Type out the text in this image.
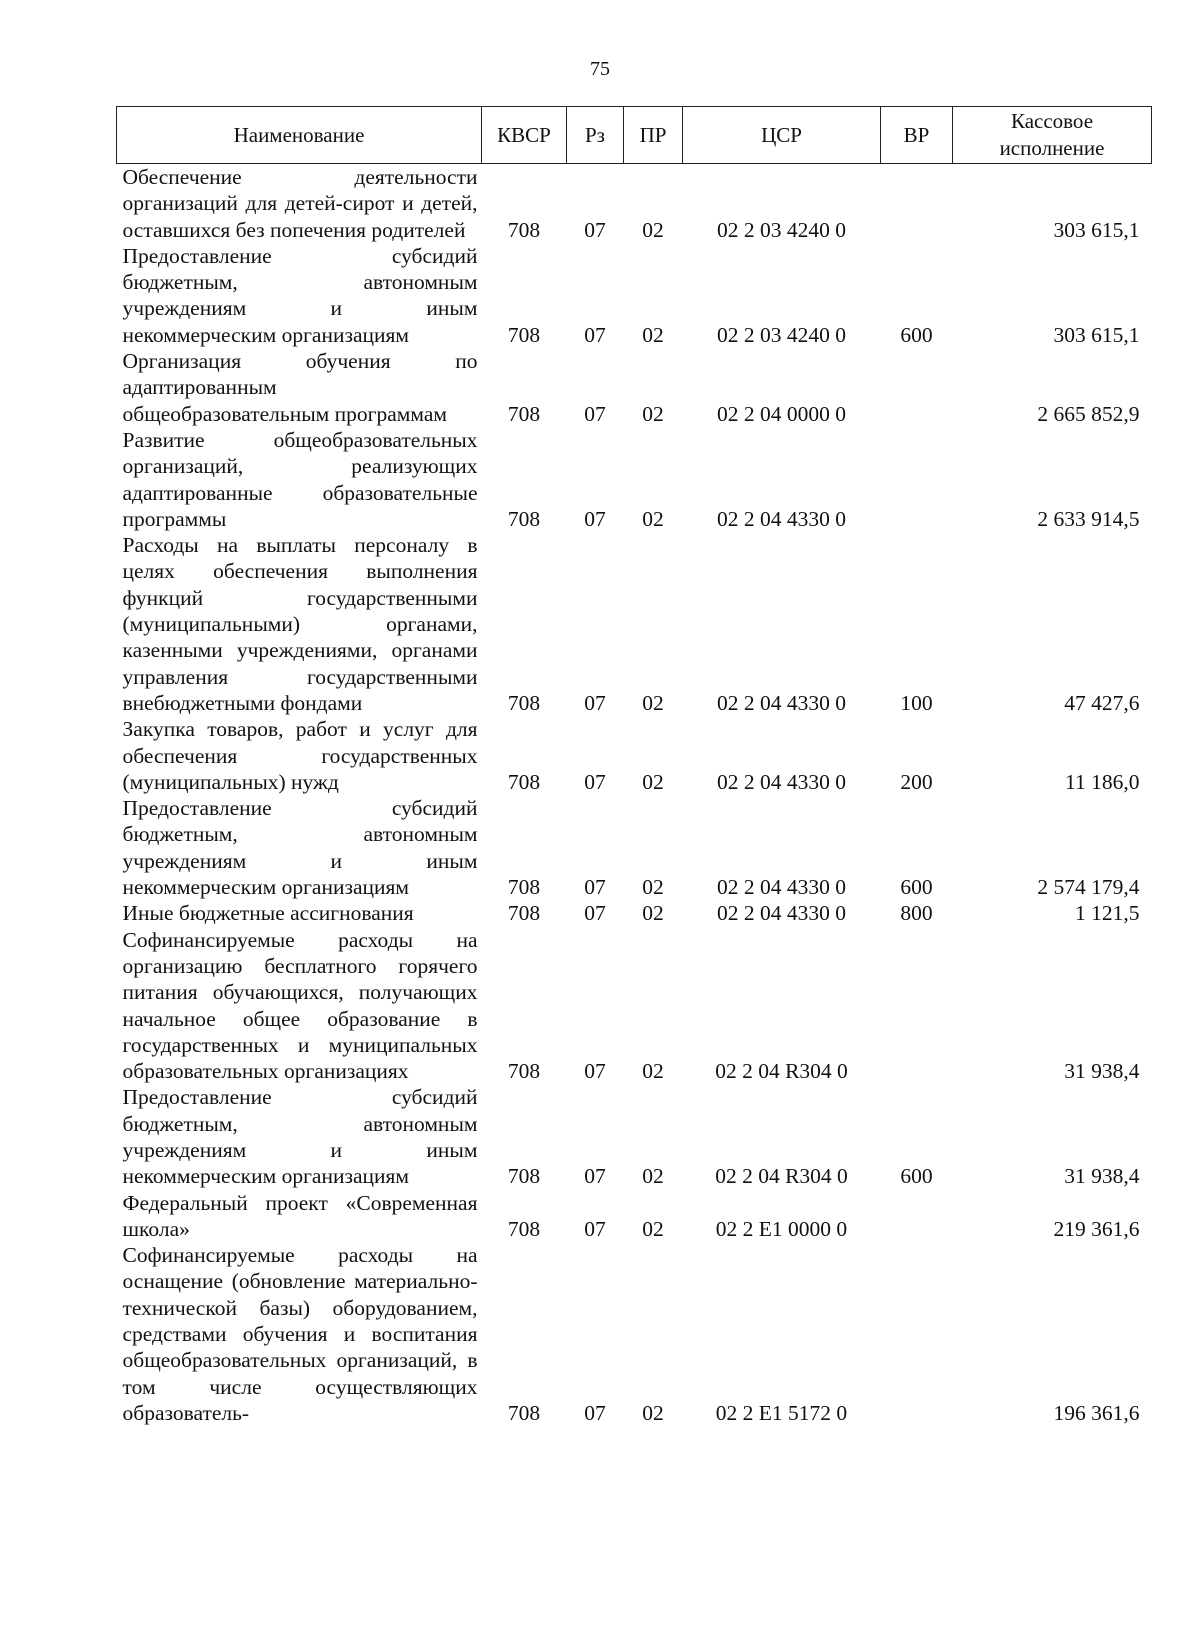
75
Наименование	КВСР	Рз	ПР	ЦСР	ВР	Кассовое исполнение
Обеспечение деятельности организаций для детей-сирот и детей, оставшихся без попечения родителей	708	07	02	02 2 03 4240 0		303 615,1
Предоставление субсидий бюджетным, автономным учреждениям и иным некоммерческим организациям	708	07	02	02 2 03 4240 0	600	303 615,1
Организация обучения по адаптированным общеобразовательным программам	708	07	02	02 2 04 0000 0		2 665 852,9
Развитие общеобразовательных организаций, реализующих адаптированные образовательные программы	708	07	02	02 2 04 4330 0		2 633 914,5
Расходы на выплаты персоналу в целях обеспечения выполнения функций государственными (муниципальными) органами, казенными учреждениями, органами управления государственными внебюджетными фондами	708	07	02	02 2 04 4330 0	100	47 427,6
Закупка товаров, работ и услуг для обеспечения государственных (муниципальных) нужд	708	07	02	02 2 04 4330 0	200	11 186,0
Предоставление субсидий бюджетным, автономным учреждениям и иным некоммерческим организациям	708	07	02	02 2 04 4330 0	600	2 574 179,4
Иные бюджетные ассигнования	708	07	02	02 2 04 4330 0	800	1 121,5
Софинансируемые расходы на организацию бесплатного горячего питания обучающихся, получающих начальное общее образование в государственных и муниципальных образовательных организациях	708	07	02	02 2 04 R304 0		31 938,4
Предоставление субсидий бюджетным, автономным учреждениям и иным некоммерческим организациям	708	07	02	02 2 04 R304 0	600	31 938,4
Федеральный проект «Современная школа»	708	07	02	02 2 E1 0000 0		219 361,6
Софинансируемые расходы на оснащение (обновление материально-технической базы) оборудованием, средствами обучения и воспитания общеобразовательных организаций, в том числе осуществляющих образователь-	708	07	02	02 2 E1 5172 0		196 361,6
